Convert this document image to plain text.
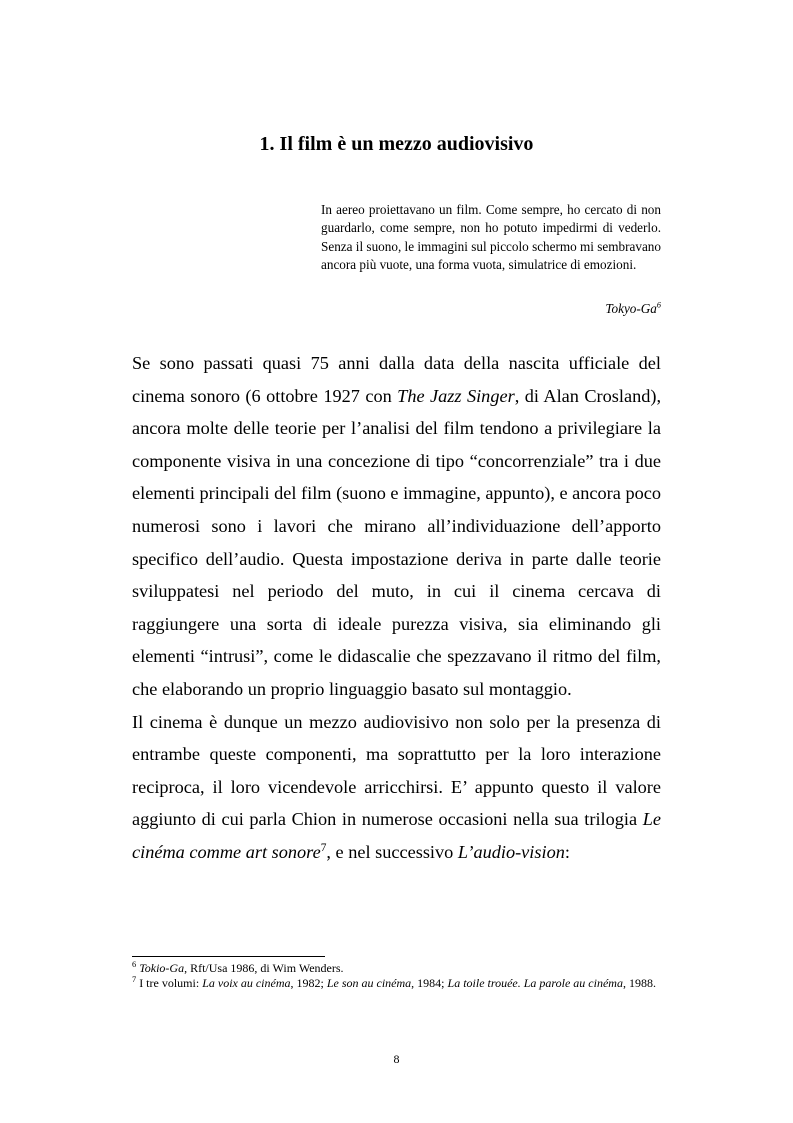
1. Il film è un mezzo audiovisivo

In aereo proiettavano un film. Come sempre, ho cercato di non guardarlo, come sempre, non ho potuto impedirmi di vederlo. Senza il suono, le immagini sul piccolo schermo mi sembravano ancora più vuote, una forma vuota, simulatrice di emozioni.

Tokyo-Ga$^6$

Se sono passati quasi 75 anni dalla data della nascita ufficiale del cinema sonoro (6 ottobre 1927 con The Jazz Singer, di Alan Crosland), ancora molte delle teorie per l’analisi del film tendono a privilegiare la componente visiva in una concezione di tipo “concorrenziale” tra i due elementi principali del film (suono e immagine, appunto), e ancora poco numerosi sono i lavori che mirano all’individuazione dell’apporto specifico dell’audio. Questa impostazione deriva in parte dalle teorie sviluppatesi nel periodo del muto, in cui il cinema cercava di raggiungere una sorta di ideale purezza visiva, sia eliminando gli elementi “intrusi”, come le didascalie che spezzavano il ritmo del film, che elaborando un proprio linguaggio basato sul montaggio.

Il cinema è dunque un mezzo audiovisivo non solo per la presenza di entrambe queste componenti, ma soprattutto per la loro interazione reciproca, il loro vicendevole arricchirsi. E’ appunto questo il valore aggiunto di cui parla Chion in numerose occasioni nella sua trilogia Le cinéma comme art sonore$^7$, e nel successivo L’audio-vision:

$^6$ Tokio-Ga, Rft/Usa 1986, di Wim Wenders.

$^7$ I tre volumi: La voix au cinéma, 1982; Le son au cinéma, 1984; La toile trouée. La parole au cinéma, 1988.

8
